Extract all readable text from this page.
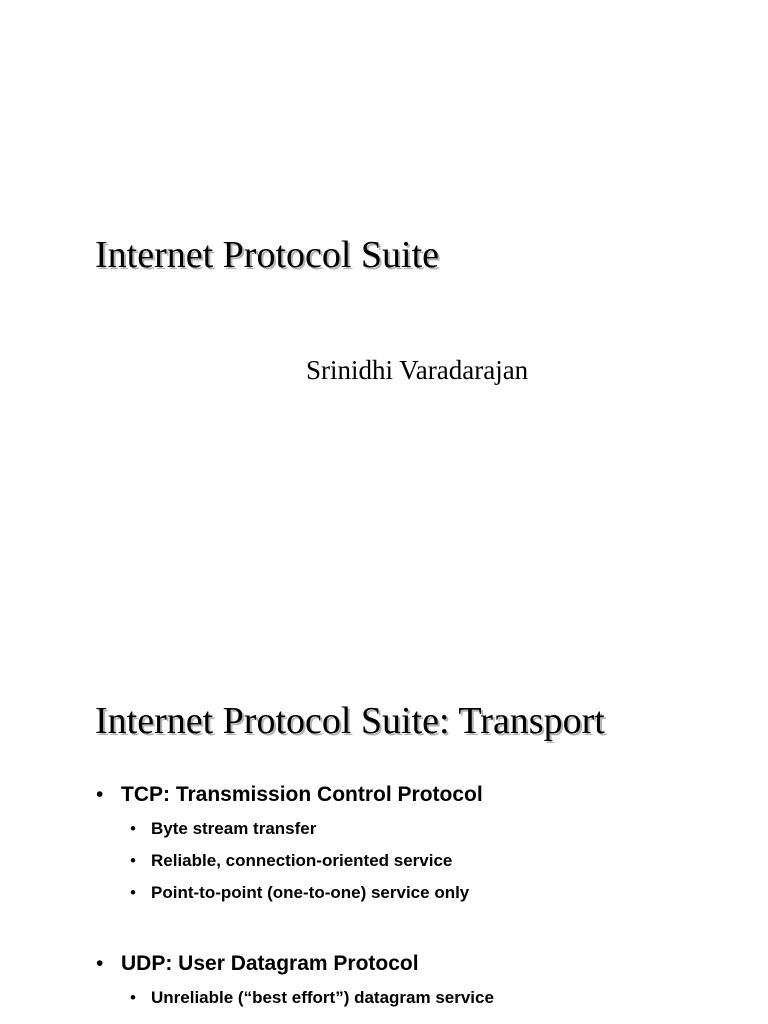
Internet Protocol Suite

Srinidhi Varadarajan

Internet Protocol Suite: Transport
• TCP: Transmission Control Protocol
• Byte stream transfer
• Reliable, connection-oriented service
• Point-to-point (one-to-one) service only
• UDP: User Datagram Protocol
• Unreliable (“best effort”) datagram service
